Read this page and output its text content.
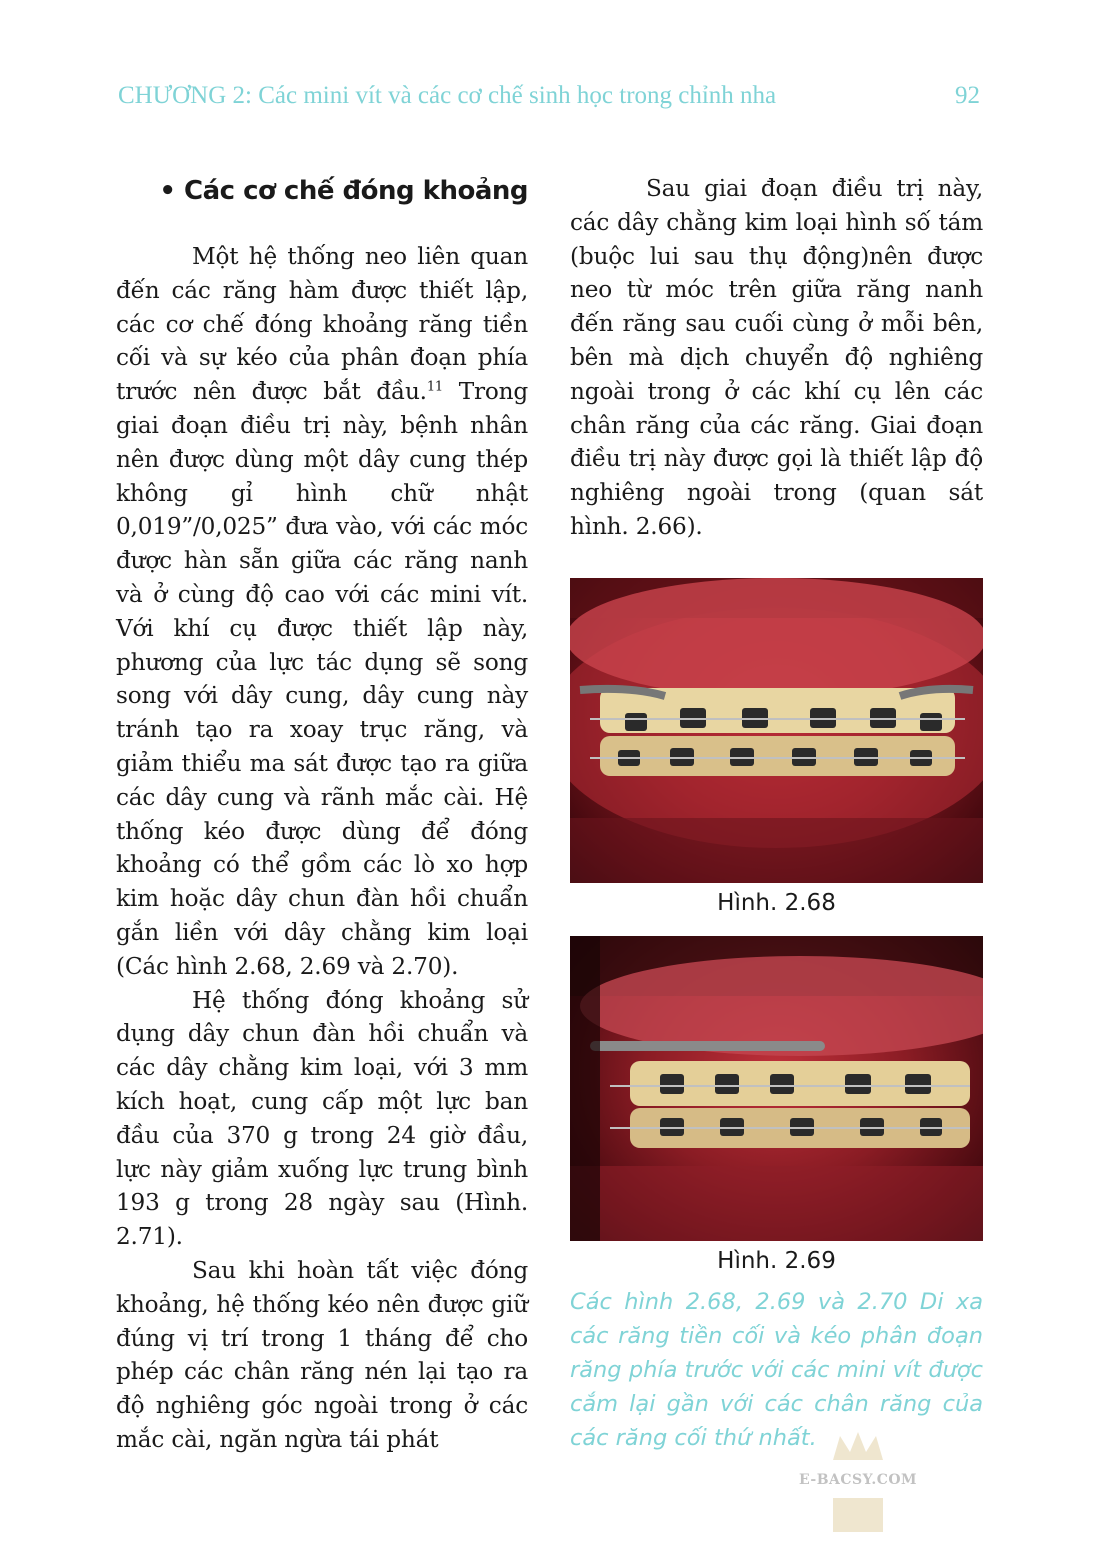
CHƯƠNG 2: Các mini vít và các cơ chế sinh học trong chỉnh nha	92
• Các cơ chế đóng khoảng

Một hệ thống neo liên quan đến các răng hàm được thiết lập, các cơ chế đóng khoảng răng tiền cối và sự kéo của phân đoạn phía trước nên được bắt đầu.$^{11}$ Trong giai đoạn điều trị này, bệnh nhân nên được dùng một dây cung thép không gỉ hình chữ nhật 0,019”/0,025” đưa vào, với các móc được hàn sẵn giữa các răng nanh và ở cùng độ cao với các mini vít. Với khí cụ được thiết lập này, phương của lực tác dụng sẽ song song với dây cung, dây cung này tránh tạo ra xoay trục răng, và giảm thiểu ma sát được tạo ra giữa các dây cung và rãnh mắc cài. Hệ thống kéo được dùng để đóng khoảng có thể gồm các lò xo hợp kim hoặc dây chun đàn hồi chuẩn gắn liền với dây chằng kim loại (Các hình 2.68, 2.69 và 2.70).

Hệ thống đóng khoảng sử dụng dây chun đàn hồi chuẩn và các dây chằng kim loại, với 3 mm kích hoạt, cung cấp một lực ban đầu của 370 g trong 24 giờ đầu, lực này giảm xuống lực trung bình 193 g trong 28 ngày sau (Hình. 2.71).

Sau khi hoàn tất việc đóng khoảng, hệ thống kéo nên được giữ đúng vị trí trong 1 tháng để cho phép các chân răng nén lại tạo ra độ nghiêng góc ngoài trong ở các mắc cài, ngăn ngừa tái phát

Sau giai đoạn điều trị này, các dây chằng kim loại hình số tám (buộc lui sau thụ động)nên được neo từ móc trên giữa răng nanh đến răng sau cuối cùng ở mỗi bên, bên mà dịch chuyển độ nghiêng ngoài trong ở các khí cụ lên các chân răng của các răng. Giai đoạn điều trị này được gọi là thiết lập độ nghiêng ngoài trong (quan sát hình. 2.66).

Hình. 2.68
Hình. 2.69

Các hình 2.68, 2.69 và 2.70 Di xa các răng tiền cối và kéo phân đoạn răng phía trước với các mini vít được cắm lại gần với các chân răng của các răng cối thứ nhất.

E-BACSY.COM
